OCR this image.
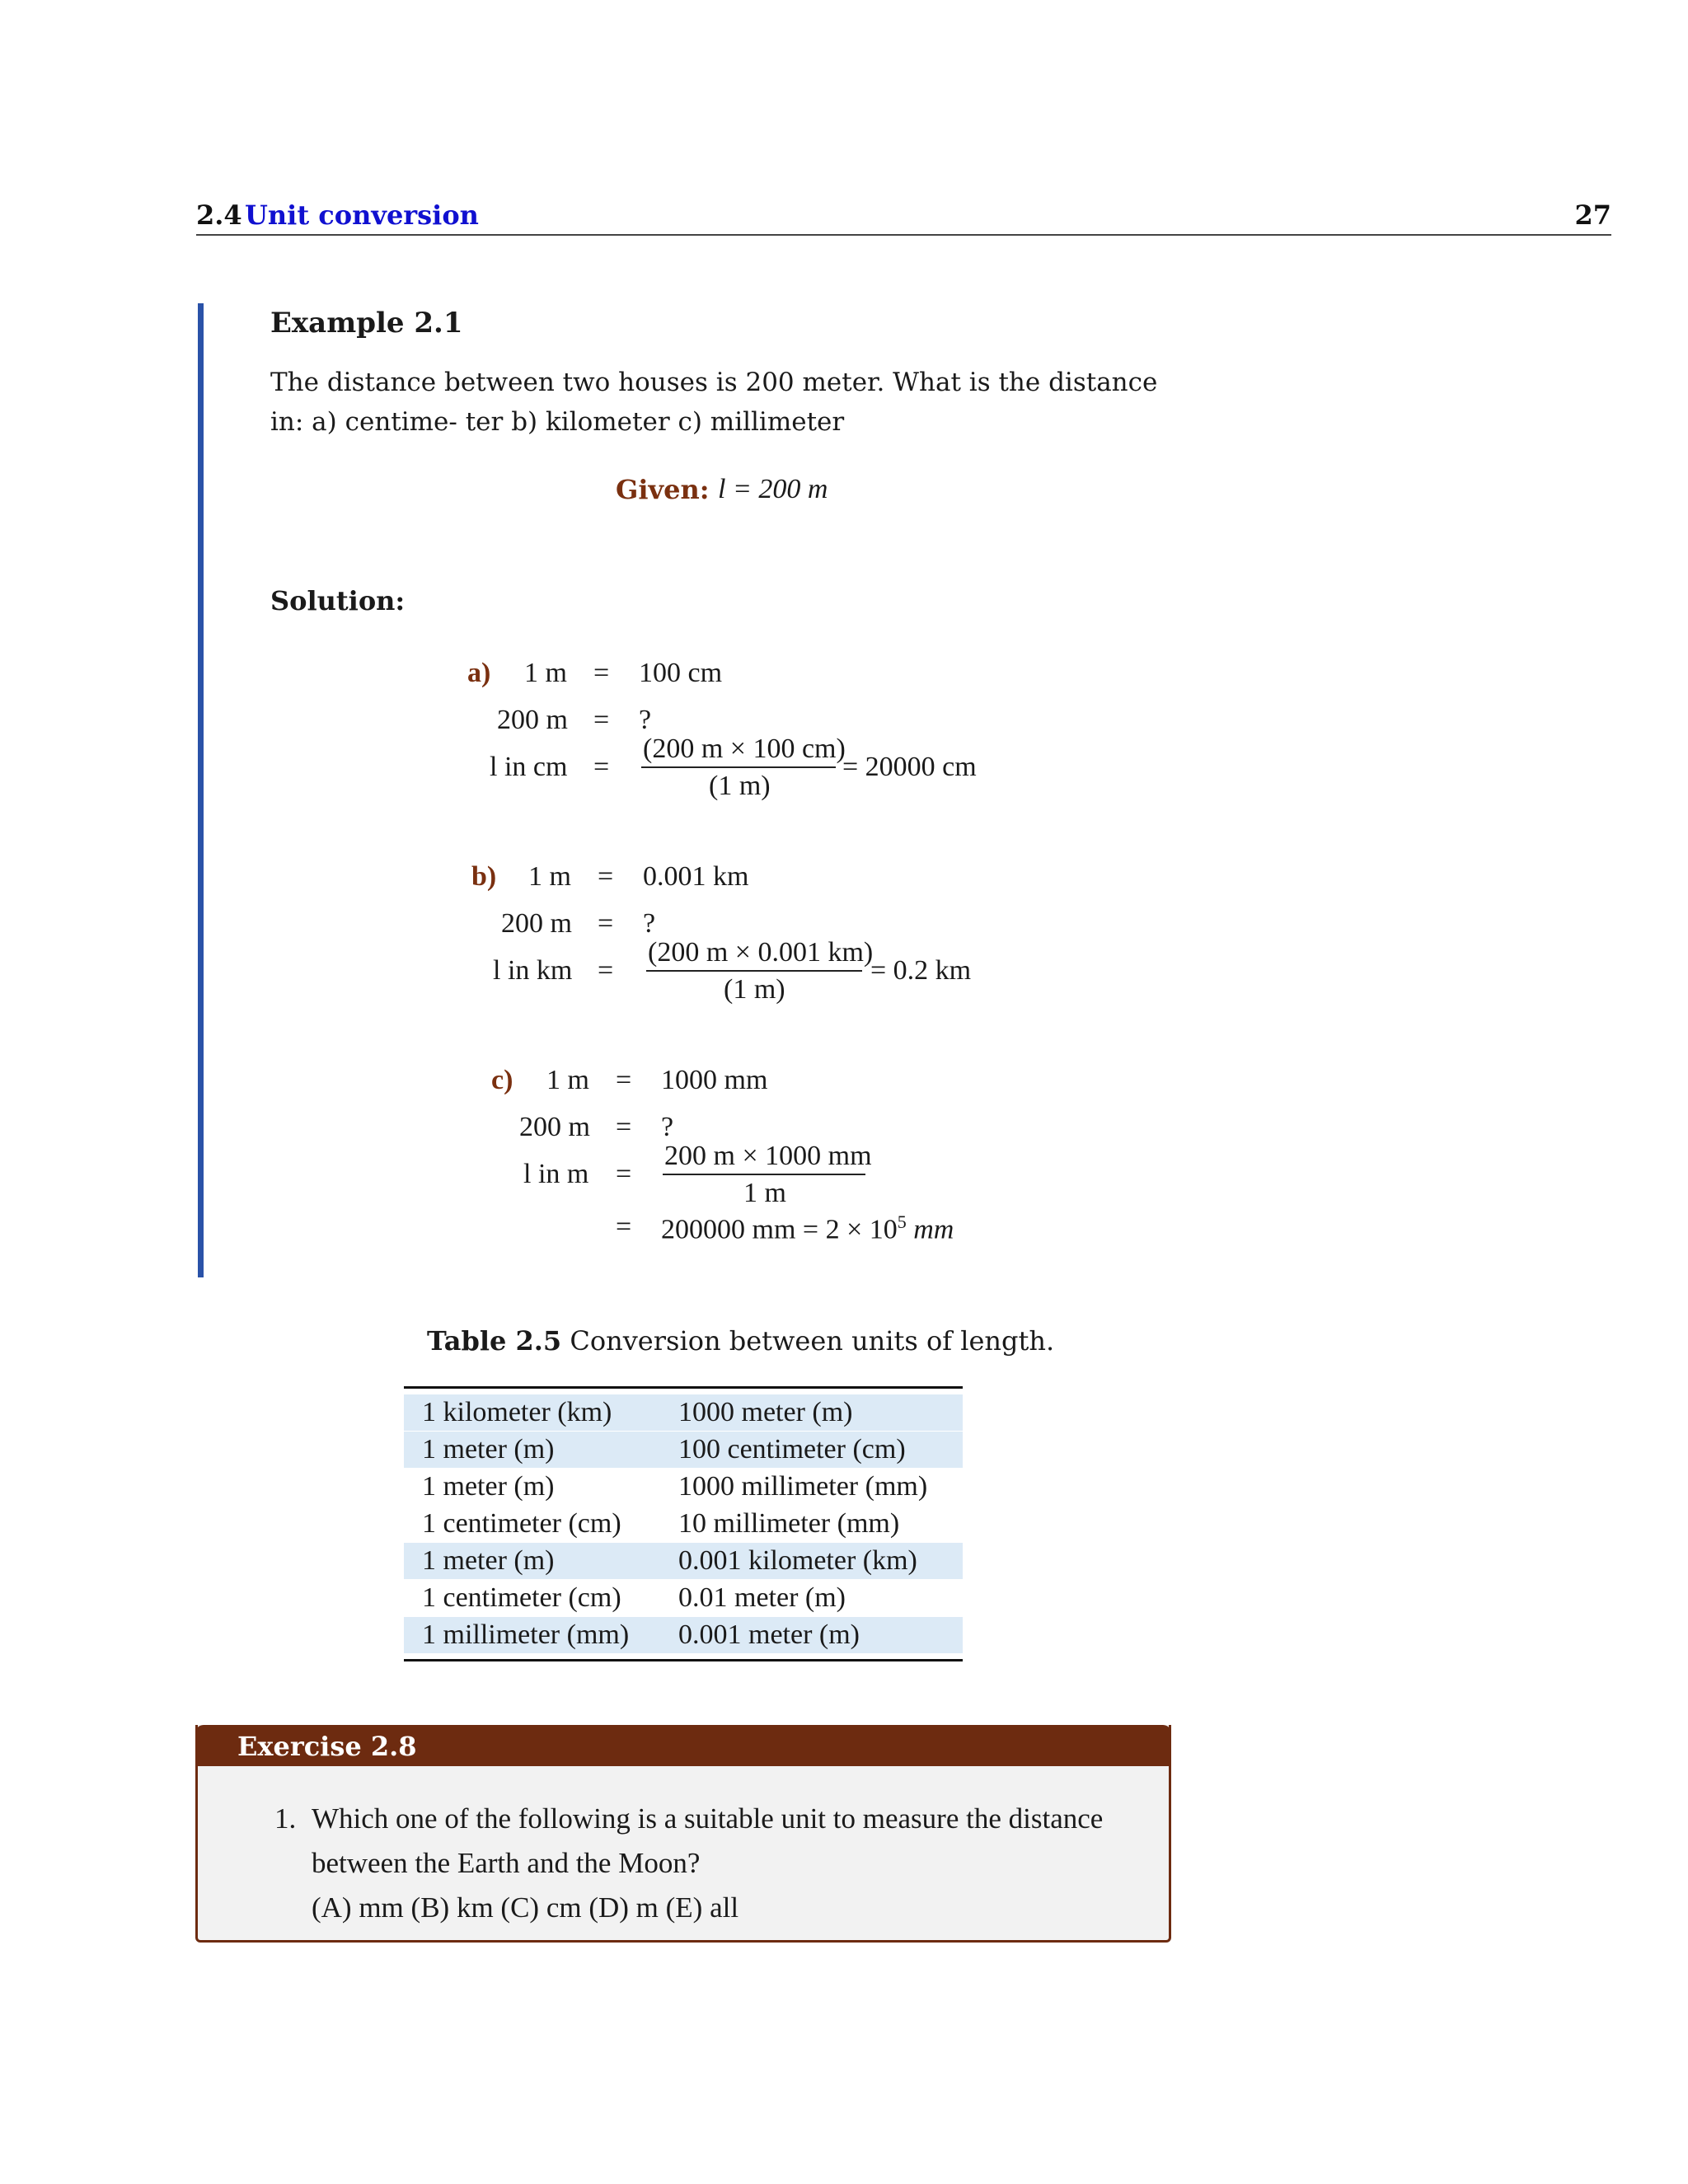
2.4 Unit conversion	27
Example 2.1
The distance between two houses is 200 meter. What is the distance in: a) centime- ter b) kilometer c) millimeter
Given: l = 200 m
Solution:
a) 1 m = 100 cm
200 m = ?
l in cm =
(200 m × 100 cm)
(1 m)
= 20000 cm
b) 1 m = 0.001 km
200 m = ?
l in km =
(200 m × 0.001 km)
(1 m)
= 0.2 km
c) 1 m = 1000 mm
200 m = ?
l in m =
200 m × 1000 mm
1 m
= 200000 mm = $2 \times 10^5$ mm
Table 2.5 Conversion between units of length.
1 kilometer (km) 1000 meter (m)
1 meter (m)	100 centimeter (cm)
1 meter (m)	1000 millimeter (mm)
1 centimeter (cm) 10 millimeter (mm)
1 meter (m)	0.001 kilometer (km)
1 centimeter (cm) 0.01 meter (m)
1 millimeter (mm) 0.001 meter (m)
Exercise 2.8
1. Which one of the following is a suitable unit to measure the distance
between the Earth and the Moon?
(A) mm (B) km (C) cm (D) m (E) all
